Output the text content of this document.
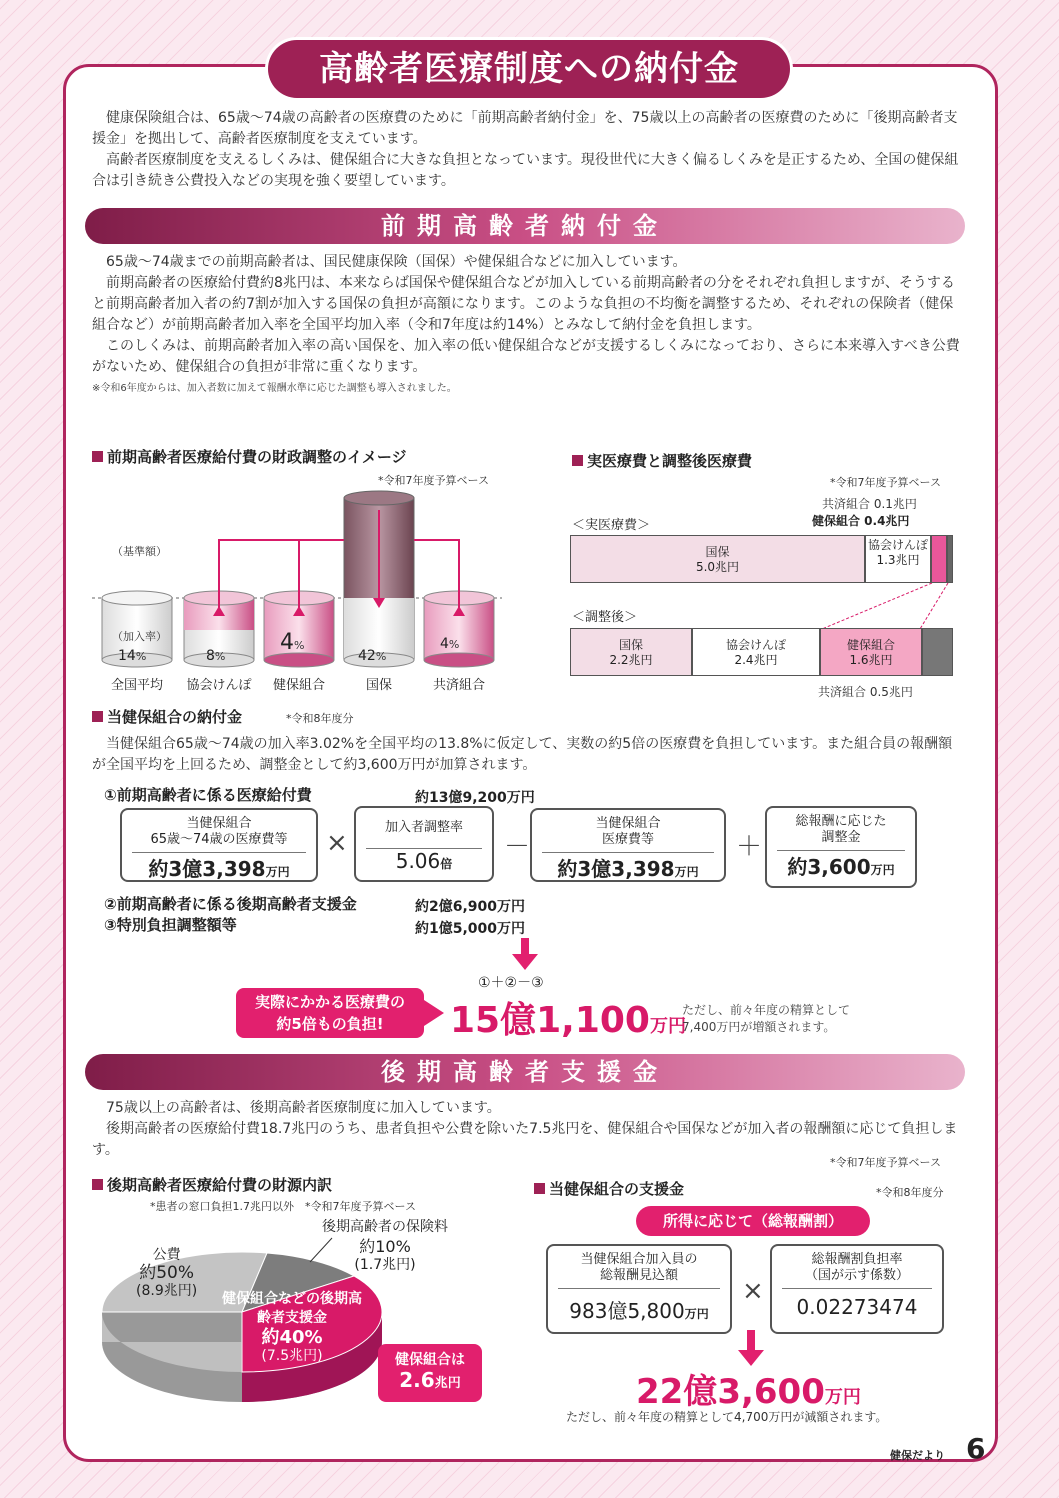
高齢者医療制度への納付金

健康保険組合は、65歳～74歳の高齢者の医療費のために「前期高齢者納付金」を、75歳以上の高齢者の医療費のために「後期高齢者支援金」を拠出して、高齢者医療制度を支えています。

高齢者医療制度を支えるしくみは、健保組合に大きな負担となっています。現役世代に大きく偏るしくみを是正するため、全国の健保組合は引き続き公費投入などの実現を強く要望しています。

前期高齢者納付金

65歳～74歳までの前期高齢者は、国民健康保険（国保）や健保組合などに加入しています。

前期高齢者の医療給付費約8兆円は、本来ならば国保や健保組合などが加入している前期高齢者の分をそれぞれ負担しますが、そうすると前期高齢者加入者の約7割が加入する国保の負担が高額になります。このような負担の不均衡を調整するため、それぞれの保険者（健保組合など）が前期高齢者加入率を全国平均加入率（令和7年度は約14%）とみなして納付金を負担します。

このしくみは、前期高齢者加入率の高い国保を、加入率の低い健保組合などが支援するしくみになっており、さらに本来導入すべき公費がないため、健保組合の負担が非常に重くなります。

※令和6年度からは、加入者数に加えて報酬水準に応じた調整も導入されました。
前期高齢者医療給付費の財政調整のイメージ
*令和7年度予算ベース
（基準額）
（加入率）
14%	8%
4%
42%
4%
全国平均	協会けんぽ	健保組合	国保	共済組合
実医療費と調整後医療費
*令和7年度予算ベース
共済組合 0.1兆円
健保組合 0.4兆円
＜実医療費＞
国保
5.0兆円
協会けんぽ
1.3兆円
＜調整後＞
国保
2.2兆円
協会けんぽ
2.4兆円
健保組合
1.6兆円
共済組合 0.5兆円
当健保組合の納付金	*令和8年度分

当健保組合65歳～74歳の加入率3.02%を全国平均の13.8%に仮定して、実数の約5倍の医療費を負担しています。また組合員の報酬額が全国平均を上回るため、調整金として約3,600万円が加算されます。

①前期高齢者に係る医療給付費	約13億9,200万円
当健保組合
65歳～74歳の医療費等
約3億3,398万円
×
加入者調整率
5.06倍
－
当健保組合
医療費等
約3億3,398万円
＋
総報酬に応じた
調整金
約3,600万円
②前期高齢者に係る後期高齢者支援金	約2億6,900万円
③特別負担調整額等	約1億5,000万円
①＋②－③
実際にかかる医療費の
約5倍もの負担!	15億1,100万円
ただし、前々年度の精算として7,400万円が増額されます。
後期高齢者支援金

75歳以上の高齢者は、後期高齢者医療制度に加入しています。

後期高齢者の医療給付費18.7兆円のうち、患者負担や公費を除いた7.5兆円を、健保組合や国保などが加入者の報酬額に応じて負担します。

*令和7年度予算ベース
後期高齢者医療給付費の財源内訳
*患者の窓口負担1.7兆円以外　*令和7年度予算ベース
公費
約50%
(8.9兆円)
後期高齢者の保険料
約10%
(1.7兆円)
健保組合などの後期高齢者支援金
約40%
(7.5兆円)	健保組合は
2.6兆円
当健保組合の支援金	*令和8年度分
所得に応じて（総報酬割）
当健保組合加入員の
総報酬見込額
983億5,800万円
×
総報酬割負担率
（国が示す係数）
0.02273474
22億3,600万円
ただし、前々年度の精算として4,700万円が減額されます。
健保だより 6
